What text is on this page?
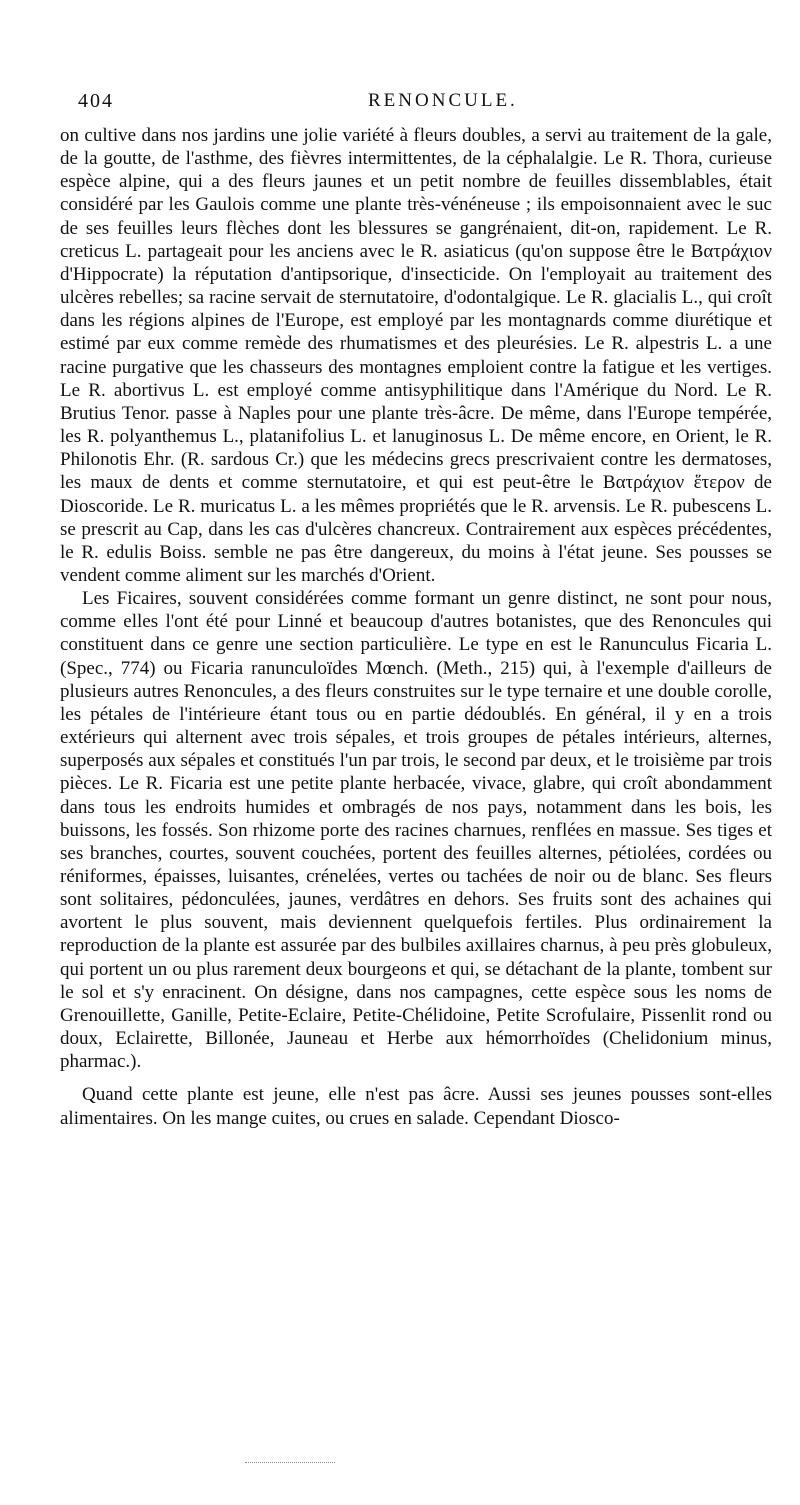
404	RENONCULE.

on cultive dans nos jardins une jolie variété à fleurs doubles, a servi au traitement de la gale, de la goutte, de l'asthme, des fièvres intermittentes, de la céphalalgie. Le R. Thora, curieuse espèce alpine, qui a des fleurs jaunes et un petit nombre de feuilles dissemblables, était considéré par les Gaulois comme une plante très-vénéneuse ; ils empoisonnaient avec le suc de ses feuilles leurs flèches dont les blessures se gangrénaient, dit-on, rapidement. Le R. creticus L. partageait pour les anciens avec le R. asiaticus (qu'on suppose être le Βατράχιον d'Hippocrate) la réputation d'antipsorique, d'insecticide. On l'employait au traitement des ulcères rebelles; sa racine servait de sternutatoire, d'odontalgique. Le R. glacialis L., qui croît dans les régions alpines de l'Europe, est employé par les montagnards comme diurétique et estimé par eux comme remède des rhumatismes et des pleurésies. Le R. alpestris L. a une racine purgative que les chasseurs des montagnes emploient contre la fatigue et les vertiges. Le R. abortivus L. est employé comme antisyphilitique dans l'Amérique du Nord. Le R. Brutius Tenor. passe à Naples pour une plante très-âcre. De même, dans l'Europe tempérée, les R. polyanthemus L., platanifolius L. et lanuginosus L. De même encore, en Orient, le R. Philonotis Ehr. (R. sardous Cr.) que les médecins grecs prescrivaient contre les dermatoses, les maux de dents et comme sternutatoire, et qui est peut-être le Βατράχιον ἕτερον de Dioscoride. Le R. muricatus L. a les mêmes propriétés que le R. arvensis. Le R. pubescens L. se prescrit au Cap, dans les cas d'ulcères chancreux. Contrairement aux espèces précédentes, le R. edulis Boiss. semble ne pas être dangereux, du moins à l'état jeune. Ses pousses se vendent comme aliment sur les marchés d'Orient.

Les Ficaires, souvent considérées comme formant un genre distinct, ne sont pour nous, comme elles l'ont été pour Linné et beaucoup d'autres botanistes, que des Renoncules qui constituent dans ce genre une section particulière. Le type en est le Ranunculus Ficaria L. (Spec., 774) ou Ficaria ranunculoïdes Mœnch. (Meth., 215) qui, à l'exemple d'ailleurs de plusieurs autres Renoncules, a des fleurs construites sur le type ternaire et une double corolle, les pétales de l'intérieure étant tous ou en partie dédoublés. En général, il y en a trois extérieurs qui alternent avec trois sépales, et trois groupes de pétales intérieurs, alternes, superposés aux sépales et constitués l'un par trois, le second par deux, et le troisième par trois pièces. Le R. Ficaria est une petite plante herbacée, vivace, glabre, qui croît abondamment dans tous les endroits humides et ombragés de nos pays, notamment dans les bois, les buissons, les fossés. Son rhizome porte des racines charnues, renflées en massue. Ses tiges et ses branches, courtes, souvent couchées, portent des feuilles alternes, pétiolées, cordées ou réniformes, épaisses, luisantes, crénelées, vertes ou tachées de noir ou de blanc. Ses fleurs sont solitaires, pédonculées, jaunes, verdâtres en dehors. Ses fruits sont des achaines qui avortent le plus souvent, mais deviennent quelquefois fertiles. Plus ordinairement la reproduction de la plante est assurée par des bulbiles axillaires charnus, à peu près globuleux, qui portent un ou plus rarement deux bourgeons et qui, se détachant de la plante, tombent sur le sol et s'y enracinent. On désigne, dans nos campagnes, cette espèce sous les noms de Grenouillette, Ganille, Petite-Eclaire, Petite-Chélidoine, Petite Scrofulaire, Pissenlit rond ou doux, Eclairette, Billonée, Jauneau et Herbe aux hémorrhoïdes (Chelidonium minus, pharmac.).

Quand cette plante est jeune, elle n'est pas âcre. Aussi ses jeunes pousses sont-elles alimentaires. On les mange cuites, ou crues en salade. Cependant Diosco-
